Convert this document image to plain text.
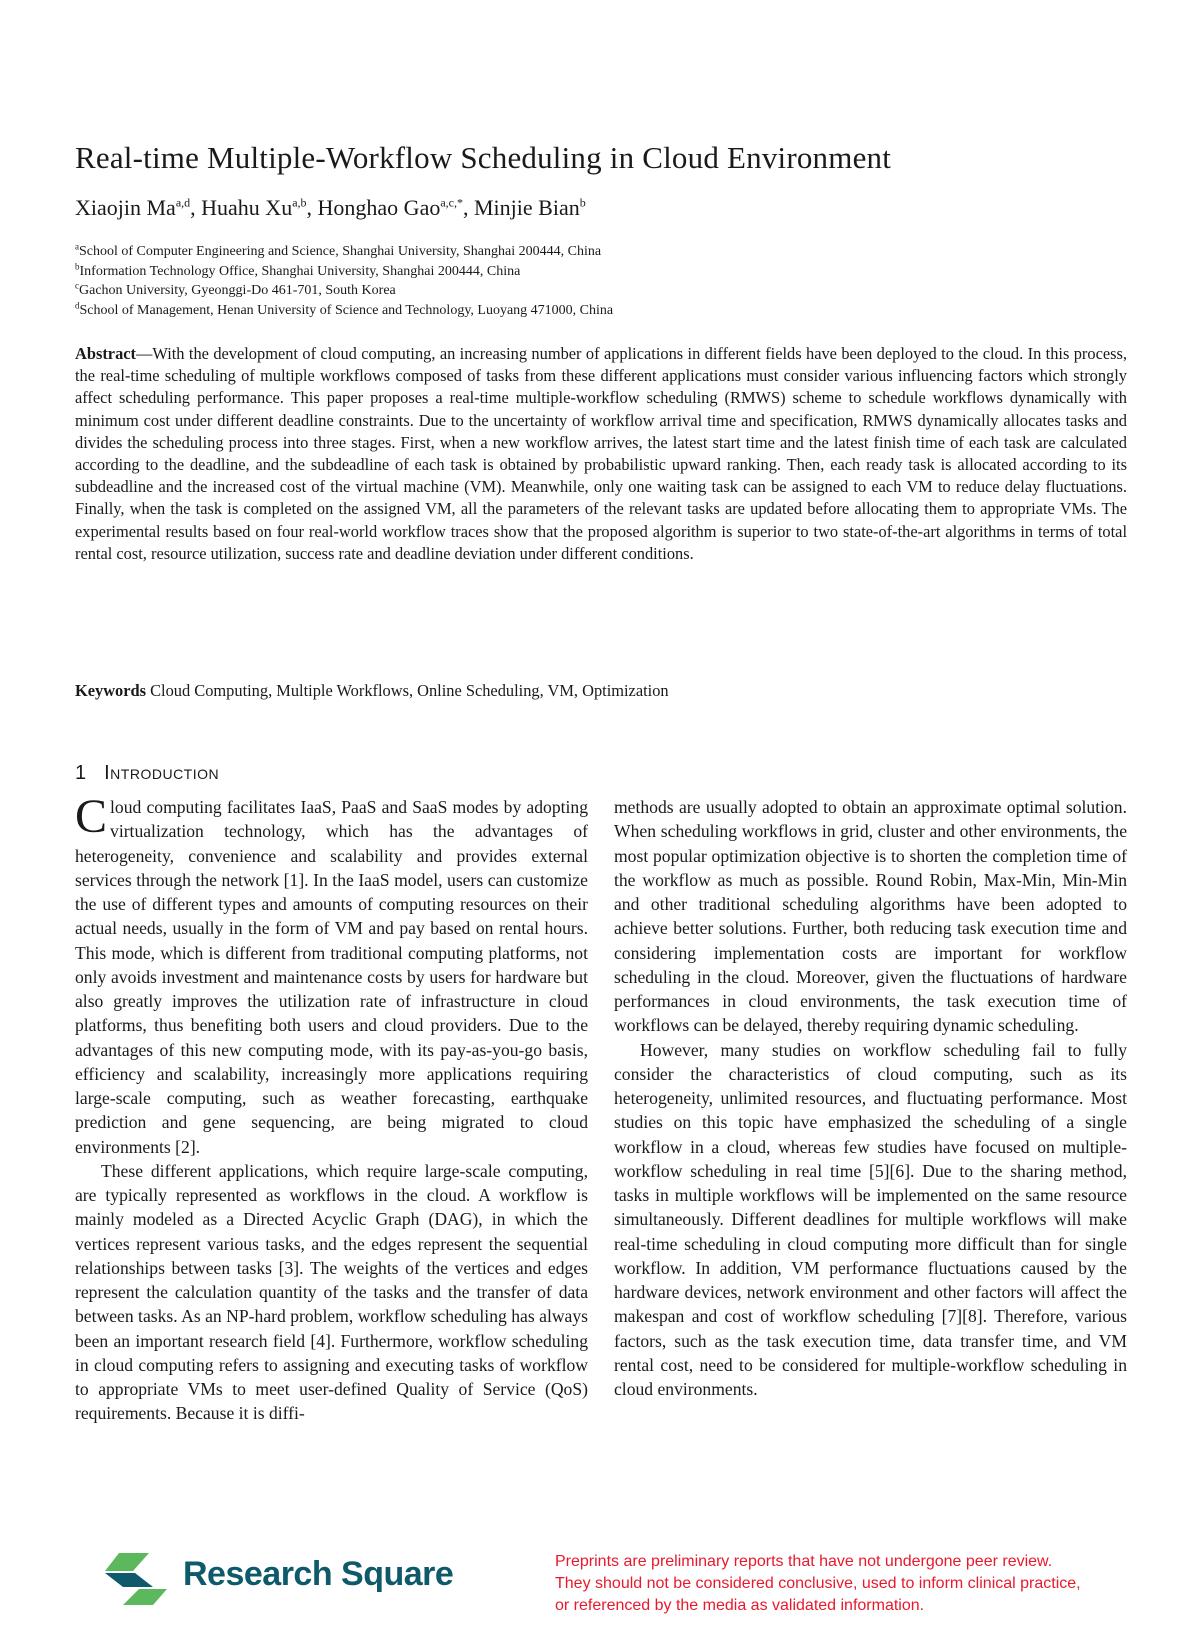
Real-time Multiple-Workflow Scheduling in Cloud Environment
Xiaojin Ma$^{a,d}$, Huahu Xu$^{a,b}$, Honghao Gao$^{a,c,*}$, Minjie Bian$^b$
$^a$School of Computer Engineering and Science, Shanghai University, Shanghai 200444, China
$^b$Information Technology Office, Shanghai University, Shanghai 200444, China
$^c$Gachon University, Gyeonggi-Do 461-701, South Korea
$^d$School of Management, Henan University of Science and Technology, Luoyang 471000, China
Abstract—With the development of cloud computing, an increasing number of applications in different fields have been deployed to the cloud. In this process, the real-time scheduling of multiple workflows composed of tasks from these different applications must consider various influencing factors which strongly affect scheduling performance. This paper proposes a real-time multiple-workflow scheduling (RMWS) scheme to schedule workflows dynamically with minimum cost under different deadline constraints. Due to the uncertainty of workflow arrival time and specification, RMWS dynamically allocates tasks and divides the scheduling process into three stages. First, when a new workflow arrives, the latest start time and the latest finish time of each task are calculated according to the deadline, and the subdeadline of each task is obtained by probabilistic upward ranking. Then, each ready task is allocated according to its subdeadline and the increased cost of the virtual machine (VM). Meanwhile, only one waiting task can be assigned to each VM to reduce delay fluctuations. Finally, when the task is completed on the assigned VM, all the parameters of the relevant tasks are updated before allocating them to appropriate VMs. The experimental results based on four real-world workflow traces show that the proposed algorithm is superior to two state-of-the-art algorithms in terms of total rental cost, resource utilization, success rate and deadline deviation under different conditions.
Keywords Cloud Computing, Multiple Workflows, Online Scheduling, VM, Optimization
1 Introduction

Cloud computing facilitates IaaS, PaaS and SaaS modes by adopting virtualization technology, which has the advantages of heterogeneity, convenience and scalability and provides external services through the network [1]. In the IaaS model, users can customize the use of different types and amounts of computing resources on their actual needs, usually in the form of VM and pay based on rental hours. This mode, which is different from traditional computing platforms, not only avoids investment and maintenance costs by users for hardware but also greatly improves the utilization rate of infrastructure in cloud platforms, thus benefiting both users and cloud providers. Due to the advantages of this new computing mode, with its pay-as-you-go basis, efficiency and scalability, increasingly more applications requiring large-scale computing, such as weather forecasting, earthquake prediction and gene sequencing, are being migrated to cloud environments [2].

These different applications, which require large-scale computing, are typically represented as workflows in the cloud. A workflow is mainly modeled as a Directed Acyclic Graph (DAG), in which the vertices represent various tasks, and the edges represent the sequential relationships between tasks [3]. The weights of the vertices and edges represent the calculation quantity of the tasks and the transfer of data between tasks. As an NP-hard problem, workflow scheduling has always been an important research field [4]. Furthermore, workflow scheduling in cloud computing refers to assigning and executing tasks of workflow to appropriate VMs to meet user-defined Quality of Service (QoS) requirements. Because it is diffi-

methods are usually adopted to obtain an approximate optimal solution. When scheduling workflows in grid, cluster and other environments, the most popular optimization objective is to shorten the completion time of the workflow as much as possible. Round Robin, Max-Min, Min-Min and other traditional scheduling algorithms have been adopted to achieve better solutions. Further, both reducing task execution time and considering implementation costs are important for workflow scheduling in the cloud. Moreover, given the fluctuations of hardware performances in cloud environments, the task execution time of workflows can be delayed, thereby requiring dynamic scheduling.

However, many studies on workflow scheduling fail to fully consider the characteristics of cloud computing, such as its heterogeneity, unlimited resources, and fluctuating performance. Most studies on this topic have emphasized the scheduling of a single workflow in a cloud, whereas few studies have focused on multiple-workflow scheduling in real time [5][6]. Due to the sharing method, tasks in multiple workflows will be implemented on the same resource simultaneously. Different deadlines for multiple workflows will make real-time scheduling in cloud computing more difficult than for single workflow. In addition, VM performance fluctuations caused by the hardware devices, network environment and other factors will affect the makespan and cost of workflow scheduling [7][8]. Therefore, various factors, such as the task execution time, data transfer time, and VM rental cost, need to be considered for multiple-workflow scheduling in cloud environments.

Research Square	Preprints are preliminary reports that have not undergone peer review.
They should not be considered conclusive, used to inform clinical practice,
or referenced by the media as validated information.
